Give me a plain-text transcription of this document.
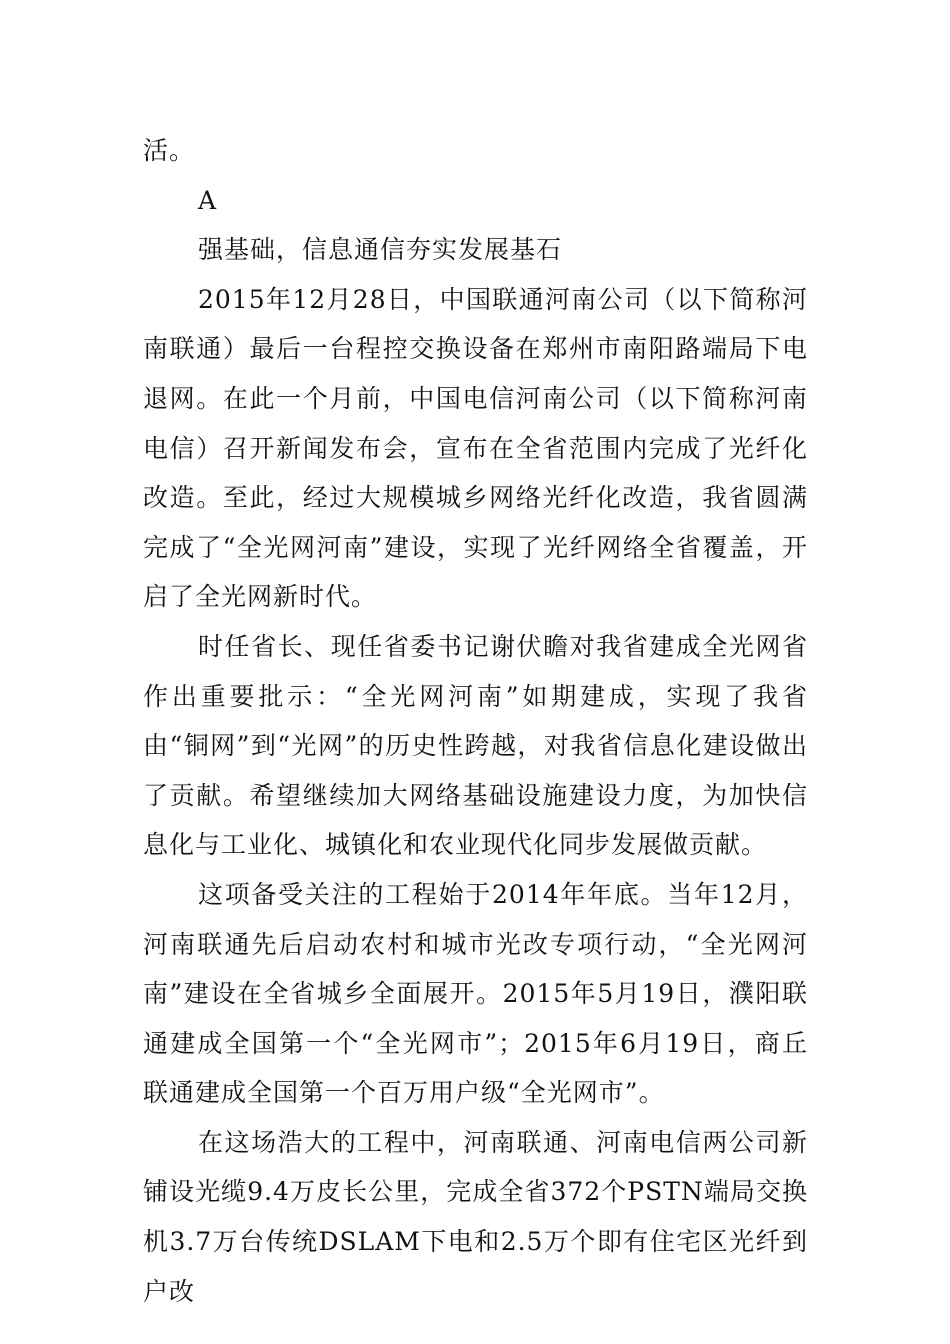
活。

A

强基础，信息通信夯实发展基石

2015年12月28日，中国联通河南公司（以下简称河南联通）最后一台程控交换设备在郑州市南阳路端局下电退网。在此一个月前，中国电信河南公司（以下简称河南电信）召开新闻发布会，宣布在全省范围内完成了光纤化改造。至此，经过大规模城乡网络光纤化改造，我省圆满完成了“全光网河南”建设，实现了光纤网络全省覆盖，开启了全光网新时代。

时任省长、现任省委书记谢伏瞻对我省建成全光网省作出重要批示：“全光网河南”如期建成，实现了我省由“铜网”到“光网”的历史性跨越，对我省信息化建设做出了贡献。希望继续加大网络基础设施建设力度，为加快信息化与工业化、城镇化和农业现代化同步发展做贡献。

这项备受关注的工程始于2014年年底。当年12月，河南联通先后启动农村和城市光改专项行动，“全光网河南”建设在全省城乡全面展开。2015年5月19日，濮阳联通建成全国第一个“全光网市”；2015年6月19日，商丘联通建成全国第一个百万用户级“全光网市”。

在这场浩大的工程中，河南联通、河南电信两公司新铺设光缆9.4万皮长公里，完成全省372个PSTN端局交换机3.7万台传统DSLAM下电和2.5万个即有住宅区光纤到户改
